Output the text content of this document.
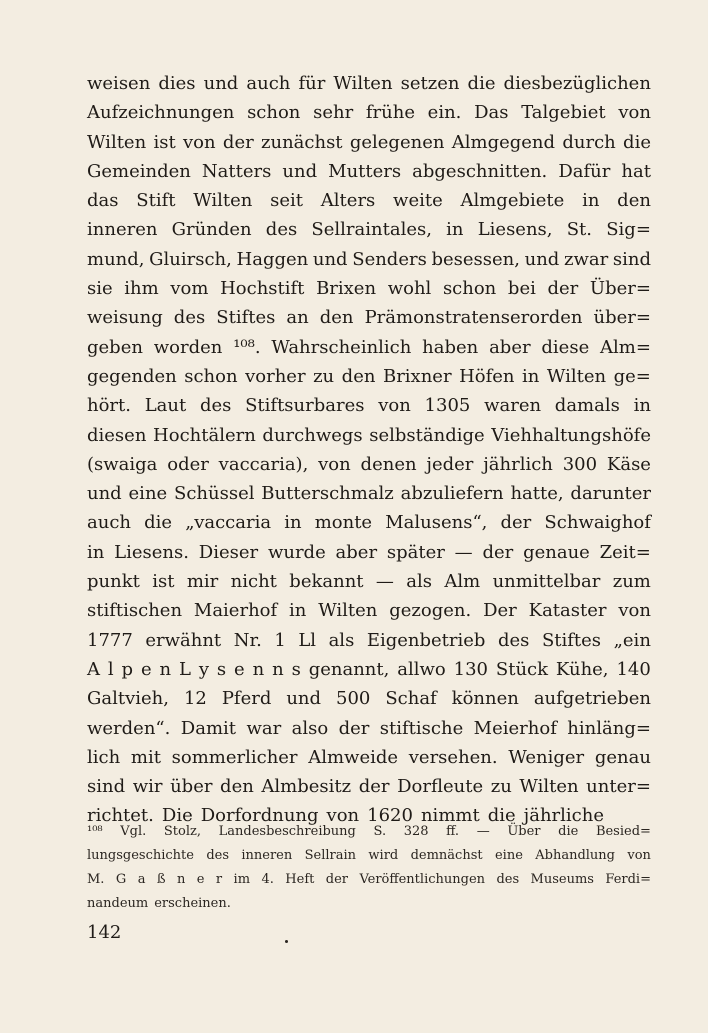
weisen dies und auch für Wilten setzen die diesbezüglichen
Aufzeichnungen schon sehr frühe ein. Das Talgebiet von
Wilten ist von der zunächst gelegenen Almgegend durch die
Gemeinden Natters und Mutters abgeschnitten. Dafür hat
das Stift Wilten seit Alters weite Almgebiete in den
inneren Gründen des Sellraintales, in Liesens, St. Sig=
mund, Gluirsch, Haggen und Senders besessen, und zwar sind
sie ihm vom Hochstift Brixen wohl schon bei der Über=
weisung des Stiftes an den Prämonstratenserorden über=
geben worden ¹⁰⁸. Wahrscheinlich haben aber diese Alm=
gegenden schon vorher zu den Brixner Höfen in Wilten ge=
hört. Laut des Stiftsurbares von 1305 waren damals in
diesen Hochtälern durchwegs selbständige Viehhaltungshöfe
(swaiga oder vaccaria), von denen jeder jährlich 300 Käse
und eine Schüssel Butterschmalz abzuliefern hatte, darunter
auch die „vaccaria in monte Malusens“, der Schwaighof
in Liesens. Dieser wurde aber später — der genaue Zeit=
punkt ist mir nicht bekannt — als Alm unmittelbar zum
stiftischen Maierhof in Wilten gezogen. Der Kataster von
1777 erwähnt Nr. 1 Ll als Eigenbetrieb des Stiftes „ein
A l p e n L y s e n n s genannt, allwo 130 Stück Kühe, 140
Galtvieh, 12 Pferd und 500 Schaf können aufgetrieben
werden“. Damit war also der stiftische Meierhof hinläng=
lich mit sommerlicher Almweide versehen. Weniger genau
sind wir über den Almbesitz der Dorfleute zu Wilten unter=
richtet. Die Dorfordnung von 1620 nimmt die jährliche
¹⁰⁸ Vgl. Stolz, Landesbeschreibung S. 328 ff. — Über die Besied=
lungsgeschichte des inneren Sellrain wird demnächst eine Abhandlung von
M. G a ß n e r im 4. Heft der Veröffentlichungen des Museums Ferdi=
nandeum erscheinen.
142
